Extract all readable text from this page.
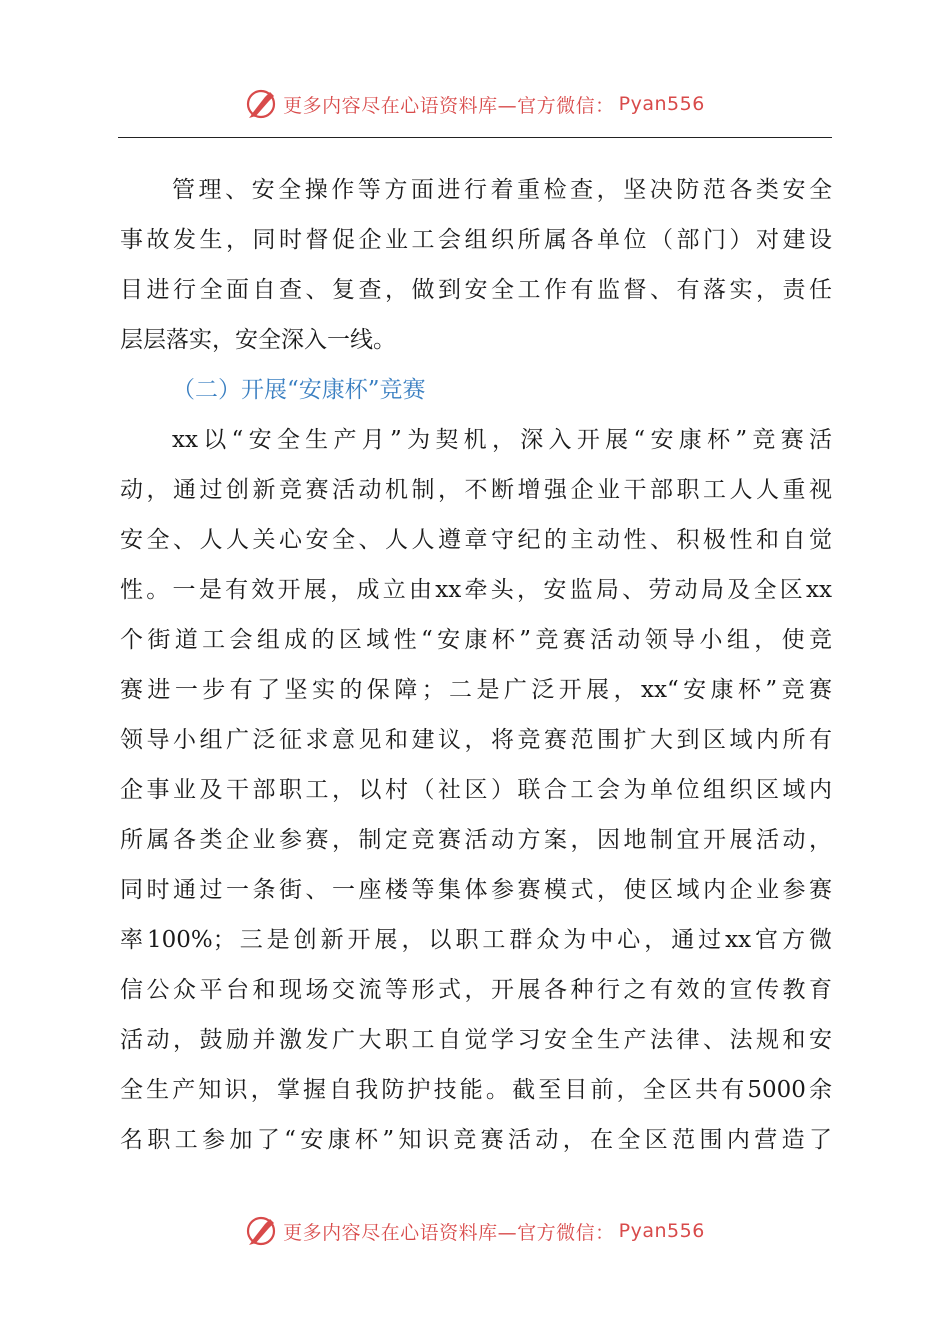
更多内容尽在心语资料库—官方微信： Pyan556
管理、安全操作等方面进行着重检查，坚决防范各类安全
事故发生，同时督促企业工会组织所属各单位（部门）对建设
目进行全面自查、复查，做到安全工作有监督、有落实，责任
层层落实，安全深入一线。
（二）开展“安康杯”竞赛
xx以“安全生产月”为契机，深入开展“安康杯”竞赛活
动，通过创新竞赛活动机制，不断增强企业干部职工人人重视
安全、人人关心安全、人人遵章守纪的主动性、积极性和自觉
性。一是有效开展，成立由xx牵头，安监局、劳动局及全区xx
个街道工会组成的区域性“安康杯”竞赛活动领导小组，使竞
赛进一步有了坚实的保障；二是广泛开展，xx“安康杯”竞赛
领导小组广泛征求意见和建议，将竞赛范围扩大到区域内所有
企事业及干部职工，以村（社区）联合工会为单位组织区域内
所属各类企业参赛，制定竞赛活动方案，因地制宜开展活动，
同时通过一条街、一座楼等集体参赛模式，使区域内企业参赛
率100%；三是创新开展，以职工群众为中心，通过xx官方微
信公众平台和现场交流等形式，开展各种行之有效的宣传教育
活动，鼓励并激发广大职工自觉学习安全生产法律、法规和安
全生产知识，掌握自我防护技能。截至目前，全区共有5000余
名职工参加了“安康杯”知识竞赛活动，在全区范围内营造了
更多内容尽在心语资料库—官方微信： Pyan556
